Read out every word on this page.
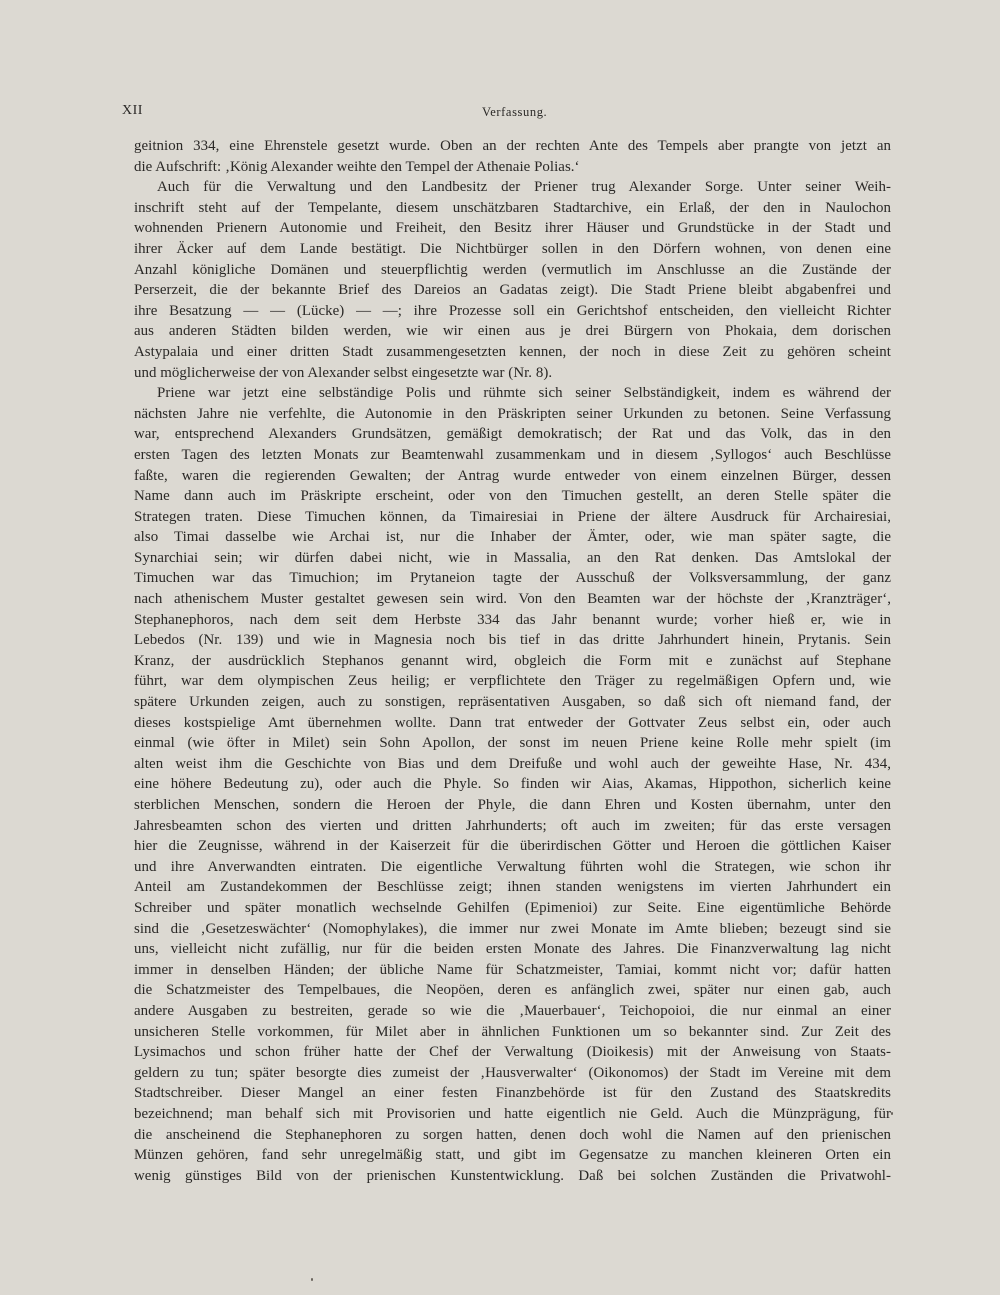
XII	Verfassung.
geitnion 334, eine Ehrenstele gesetzt wurde. Oben an der rechten Ante des Tempels aber prangte von jetzt an
die Aufschrift: ‚König Alexander weihte den Tempel der Athenaie Polias.‘
Auch für die Verwaltung und den Landbesitz der Priener trug Alexander Sorge. Unter seiner Weih-
inschrift steht auf der Tempelante, diesem unschätzbaren Stadtarchive, ein Erlaß, der den in Naulochon
wohnenden Prienern Autonomie und Freiheit, den Besitz ihrer Häuser und Grundstücke in der Stadt und
ihrer Äcker auf dem Lande bestätigt. Die Nichtbürger sollen in den Dörfern wohnen, von denen eine
Anzahl königliche Domänen und steuerpflichtig werden (vermutlich im Anschlusse an die Zustände der
Perserzeit, die der bekannte Brief des Dareios an Gadatas zeigt). Die Stadt Priene bleibt abgabenfrei und
ihre Besatzung — — (Lücke) — —; ihre Prozesse soll ein Gerichtshof entscheiden, den vielleicht Richter
aus anderen Städten bilden werden, wie wir einen aus je drei Bürgern von Phokaia, dem dorischen
Astypalaia und einer dritten Stadt zusammengesetzten kennen, der noch in diese Zeit zu gehören scheint
und möglicherweise der von Alexander selbst eingesetzte war (Nr. 8).
Priene war jetzt eine selbständige Polis und rühmte sich seiner Selbständigkeit, indem es während der
nächsten Jahre nie verfehlte, die Autonomie in den Präskripten seiner Urkunden zu betonen. Seine Verfassung
war, entsprechend Alexanders Grundsätzen, gemäßigt demokratisch; der Rat und das Volk, das in den
ersten Tagen des letzten Monats zur Beamtenwahl zusammenkam und in diesem ‚Syllogos‘ auch Beschlüsse
faßte, waren die regierenden Gewalten; der Antrag wurde entweder von einem einzelnen Bürger, dessen
Name dann auch im Präskripte erscheint, oder von den Timuchen gestellt, an deren Stelle später die
Strategen traten. Diese Timuchen können, da Timairesiai in Priene der ältere Ausdruck für Archairesiai,
also Timai dasselbe wie Archai ist, nur die Inhaber der Ämter, oder, wie man später sagte, die
Synarchiai sein; wir dürfen dabei nicht, wie in Massalia, an den Rat denken. Das Amtslokal der
Timuchen war das Timuchion; im Prytaneion tagte der Ausschuß der Volksversammlung, der ganz
nach athenischem Muster gestaltet gewesen sein wird. Von den Beamten war der höchste der ‚Kranzträger‘,
Stephanephoros, nach dem seit dem Herbste 334 das Jahr benannt wurde; vorher hieß er, wie in
Lebedos (Nr. 139) und wie in Magnesia noch bis tief in das dritte Jahrhundert hinein, Prytanis. Sein
Kranz, der ausdrücklich Stephanos genannt wird, obgleich die Form mit e zunächst auf Stephane
führt, war dem olympischen Zeus heilig; er verpflichtete den Träger zu regelmäßigen Opfern und, wie
spätere Urkunden zeigen, auch zu sonstigen, repräsentativen Ausgaben, so daß sich oft niemand fand, der
dieses kostspielige Amt übernehmen wollte. Dann trat entweder der Gottvater Zeus selbst ein, oder auch
einmal (wie öfter in Milet) sein Sohn Apollon, der sonst im neuen Priene keine Rolle mehr spielt (im
alten weist ihm die Geschichte von Bias und dem Dreifuße und wohl auch der geweihte Hase, Nr. 434,
eine höhere Bedeutung zu), oder auch die Phyle. So finden wir Aias, Akamas, Hippothon, sicherlich keine
sterblichen Menschen, sondern die Heroen der Phyle, die dann Ehren und Kosten übernahm, unter den
Jahresbeamten schon des vierten und dritten Jahrhunderts; oft auch im zweiten; für das erste versagen
hier die Zeugnisse, während in der Kaiserzeit für die überirdischen Götter und Heroen die göttlichen Kaiser
und ihre Anverwandten eintraten. Die eigentliche Verwaltung führten wohl die Strategen, wie schon ihr
Anteil am Zustandekommen der Beschlüsse zeigt; ihnen standen wenigstens im vierten Jahrhundert ein
Schreiber und später monatlich wechselnde Gehilfen (Epimenioi) zur Seite. Eine eigentümliche Behörde
sind die ‚Gesetzeswächter‘ (Nomophylakes), die immer nur zwei Monate im Amte blieben; bezeugt sind sie
uns, vielleicht nicht zufällig, nur für die beiden ersten Monate des Jahres. Die Finanzverwaltung lag nicht
immer in denselben Händen; der übliche Name für Schatzmeister, Tamiai, kommt nicht vor; dafür hatten
die Schatzmeister des Tempelbaues, die Neopöen, deren es anfänglich zwei, später nur einen gab, auch
andere Ausgaben zu bestreiten, gerade so wie die ‚Mauerbauer‘, Teichopoioi, die nur einmal an einer
unsicheren Stelle vorkommen, für Milet aber in ähnlichen Funktionen um so bekannter sind. Zur Zeit des
Lysimachos und schon früher hatte der Chef der Verwaltung (Dioikesis) mit der Anweisung von Staats-
geldern zu tun; später besorgte dies zumeist der ‚Hausverwalter‘ (Oikonomos) der Stadt im Vereine mit dem
Stadtschreiber. Dieser Mangel an einer festen Finanzbehörde ist für den Zustand des Staatskredits
bezeichnend; man behalf sich mit Provisorien und hatte eigentlich nie Geld. Auch die Münzprägung, für
die anscheinend die Stephanephoren zu sorgen hatten, denen doch wohl die Namen auf den prienischen
Münzen gehören, fand sehr unregelmäßig statt, und gibt im Gegensatze zu manchen kleineren Orten ein
wenig günstiges Bild von der prienischen Kunstentwicklung. Daß bei solchen Zuständen die Privatwohl-
